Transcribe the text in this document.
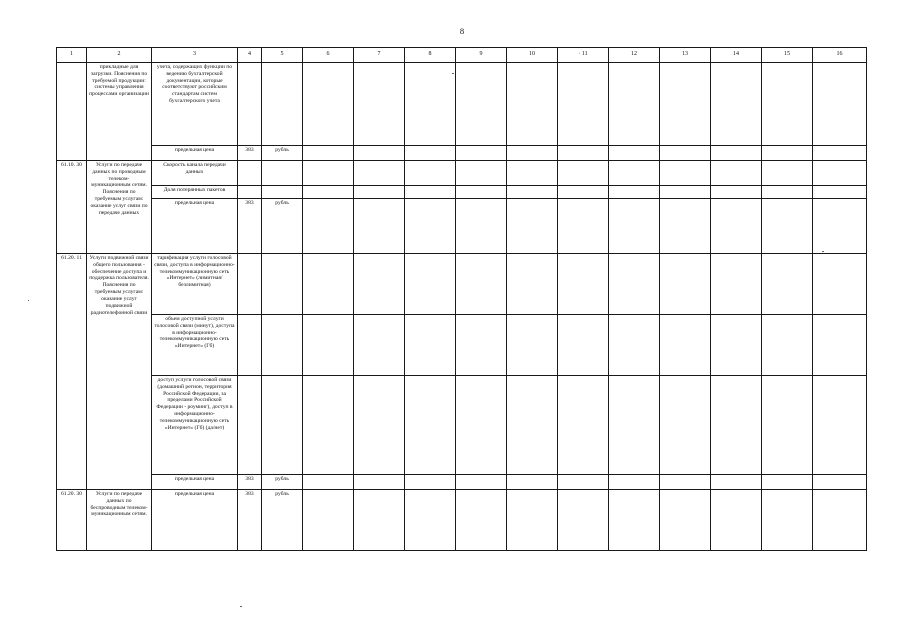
8
1	2	3	4	5	6	7	8	9	10	· 11	12	13	14	15	16
	прикладные для загрузки. Пояснения по требуемой продукции: системы управления процессами организации	учета, содержащих функции по ведению бухгалтерской документации, которые соответствуют российским стандартам систем бухгалтерского учета													
		предельная цена	383	рубль											
61.10. 30	Услуги по передаче данных по проводным телеком-муникационным сетям. Пояснения по требуемым услугам: оказание услуг связи по передаче данных	Скорость канала передачи данных													
		Доля потерянных пакетов													
		предельная цена	383	рубль											
61.20. 11	Услуги подвижной связи общего пользования - обеспечение доступа и поддержка пользователя. Пояснения по требуемым услугам: оказание услуг подвижной радиотелефонной связи	тарификация услуги голосовой связи, доступа в информационно-телекоммуникационную сеть «Интернет» (лимитная/безлимитная)													
		объем доступной услуги голосовой связи (минут), доступа в информационно-телекоммуникационную сеть «Интернет» (Гб)													
		доступ услуги голосовой связи (домашний регион, территория Российской Федерации, за пределами Российской Федерации - роуминг), доступ в информационно-телекоммуникационную сеть «Интернет» (Гб) (да/нет)													
		предельная цена	383	рубль											
61.20. 30	Услуги по передаче данных по беспроводным телеком-муникационным сетям.	предельная цена	383	рубль											
